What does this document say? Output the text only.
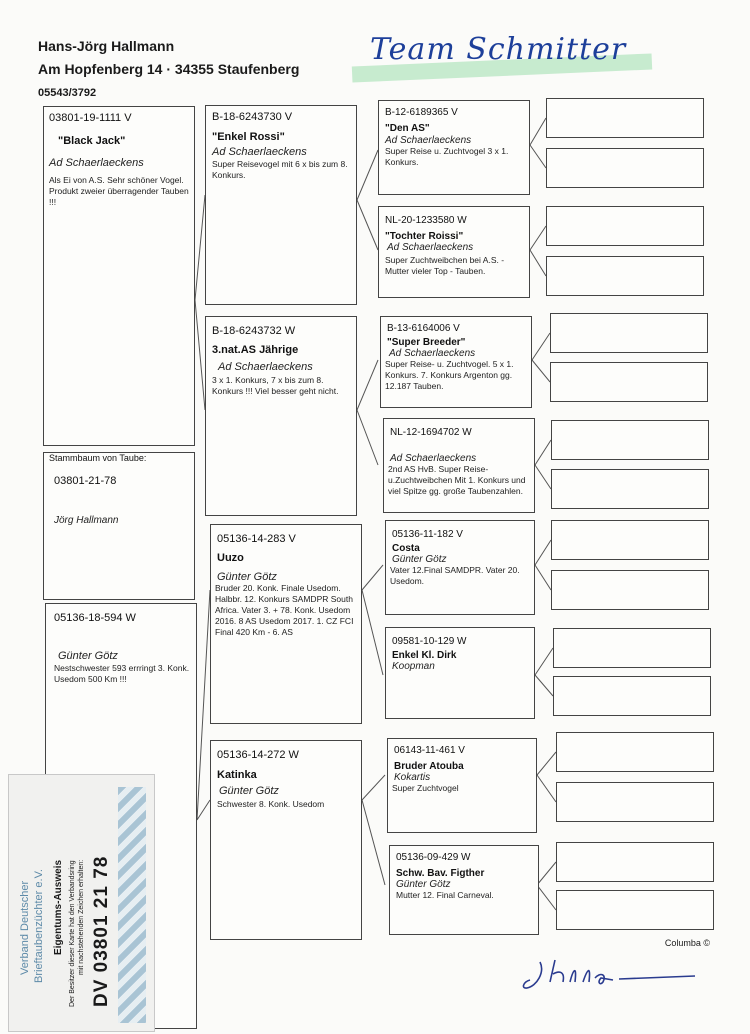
Hans-Jörg Hallmann
Am Hopfenberg 14 · 34355 Staufenberg
05543/3792
Team Schmitter
03801-19-1111 V
"Black Jack"
Ad Schaerlaeckens
Als Ei von A.S. Sehr schöner Vogel. Produkt zweier überragender Tauben !!!
Stammbaum von Taube:
03801-21-78
Jörg Hallmann
05136-18-594 W
Günter Götz
Nestschwester 593 errringt 3. Konk. Usedom 500 Km !!!
B-18-6243730 V
"Enkel Rossi"
Ad Schaerlaeckens
Super Reisevogel mit 6 x bis zum 8. Konkurs.
B-18-6243732 W
3.nat.AS Jährige
Ad Schaerlaeckens
3 x 1. Konkurs, 7 x bis zum 8. Konkurs !!! Viel besser geht nicht.
05136-14-283 V
Uuzo
Günter Götz
Bruder 20. Konk. Finale Usedom. Halbbr. 12. Konkurs SAMDPR South Africa. Vater 3. + 78. Konk. Usedom 2016. 8 AS Usedom 2017. 1. CZ FCI Final 420 Km - 6. AS
05136-14-272 W
Katinka
Günter Götz
Schwester 8. Konk. Usedom
B-12-6189365 V
"Den AS"
Ad Schaerlaeckens
Super Reise u. Zuchtvogel 3 x 1. Konkurs.
NL-20-1233580 W
"Tochter Roissi"
Ad Schaerlaeckens
Super Zuchtweibchen bei A.S. - Mutter vieler Top - Tauben.
B-13-6164006 V
"Super Breeder"
Ad Schaerlaeckens
Super Reise- u. Zuchtvogel. 5 x 1. Konkurs. 7. Konkurs Argenton gg. 12.187 Tauben.
NL-12-1694702 W
Ad Schaerlaeckens
2nd AS HvB. Super Reise- u.Zuchtweibchen Mit 1. Konkurs und viel Spitze gg. große Taubenzahlen.
05136-11-182 V
Costa
Günter Götz
Vater 12.Final SAMDPR. Vater 20. Usedom.
09581-10-129 W
Enkel Kl. Dirk
Koopman
06143-11-461 V
Bruder Atouba
Kokartis
Super Zuchtvogel
05136-09-429 W
Schw. Bav. Figther
Günter Götz
Mutter 12. Final Carneval.
Columba ©
Verband Deutscher Brieftaubenzüchter e.V. Eigentums-Ausweis Der Besitzer dieser Karte hat den Verbandsring mit nachstehenden Zeichen erhalten: DV 03801 21 78
